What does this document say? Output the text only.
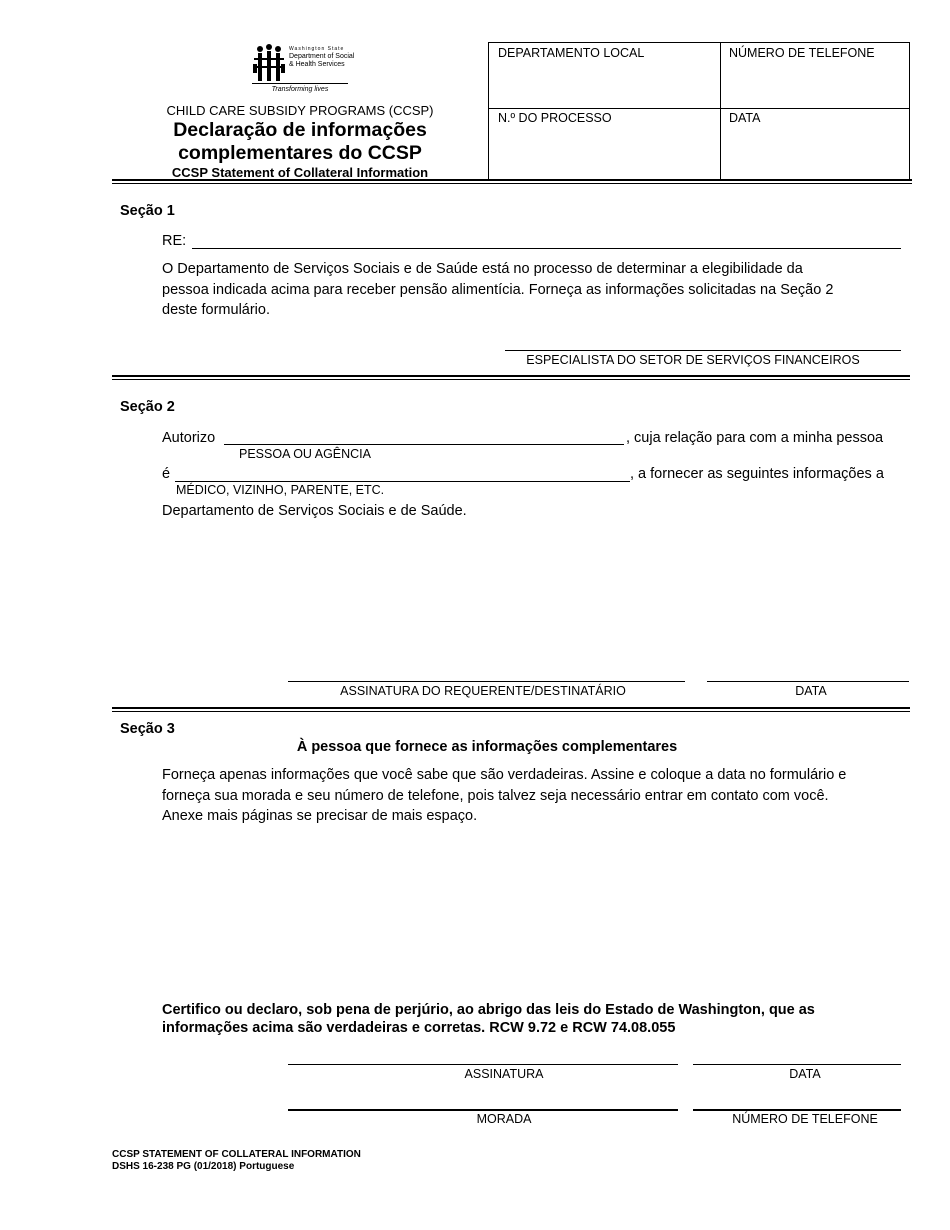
Washington State
Department of Social
& Health Services
Transforming lives
CHILD CARE SUBSIDY PROGRAMS (CCSP)
Declaração de informações
complementares do CCSP
CCSP Statement of Collateral Information
DEPARTAMENTO LOCAL	NÚMERO DE TELEFONE
N.º DO PROCESSO	DATA
Seção 1
RE:
O Departamento de Serviços Sociais e de Saúde está no processo de determinar a elegibilidade da
pessoa indicada acima para receber pensão alimentícia. Forneça as informações solicitadas na Seção 2
deste formulário.
ESPECIALISTA DO SETOR DE SERVIÇOS FINANCEIROS
Seção 2
Autorizo	, cuja relação para com a minha pessoa
PESSOA OU AGÊNCIA
é	, a fornecer as seguintes informações a
MÉDICO, VIZINHO, PARENTE, ETC.
Departamento de Serviços Sociais e de Saúde.
ASSINATURA DO REQUERENTE/DESTINATÁRIO	DATA
Seção 3
À pessoa que fornece as informações complementares
Forneça apenas informações que você sabe que são verdadeiras. Assine e coloque a data no formulário e
forneça sua morada e seu número de telefone, pois talvez seja necessário entrar em contato com você.
Anexe mais páginas se precisar de mais espaço.
Certifico ou declaro, sob pena de perjúrio, ao abrigo das leis do Estado de Washington, que as
informações acima são verdadeiras e corretas. RCW 9.72 e RCW 74.08.055
ASSINATURA	DATA
MORADA	NÚMERO DE TELEFONE
CCSP STATEMENT OF COLLATERAL INFORMATION
DSHS 16-238 PG (01/2018) Portuguese
